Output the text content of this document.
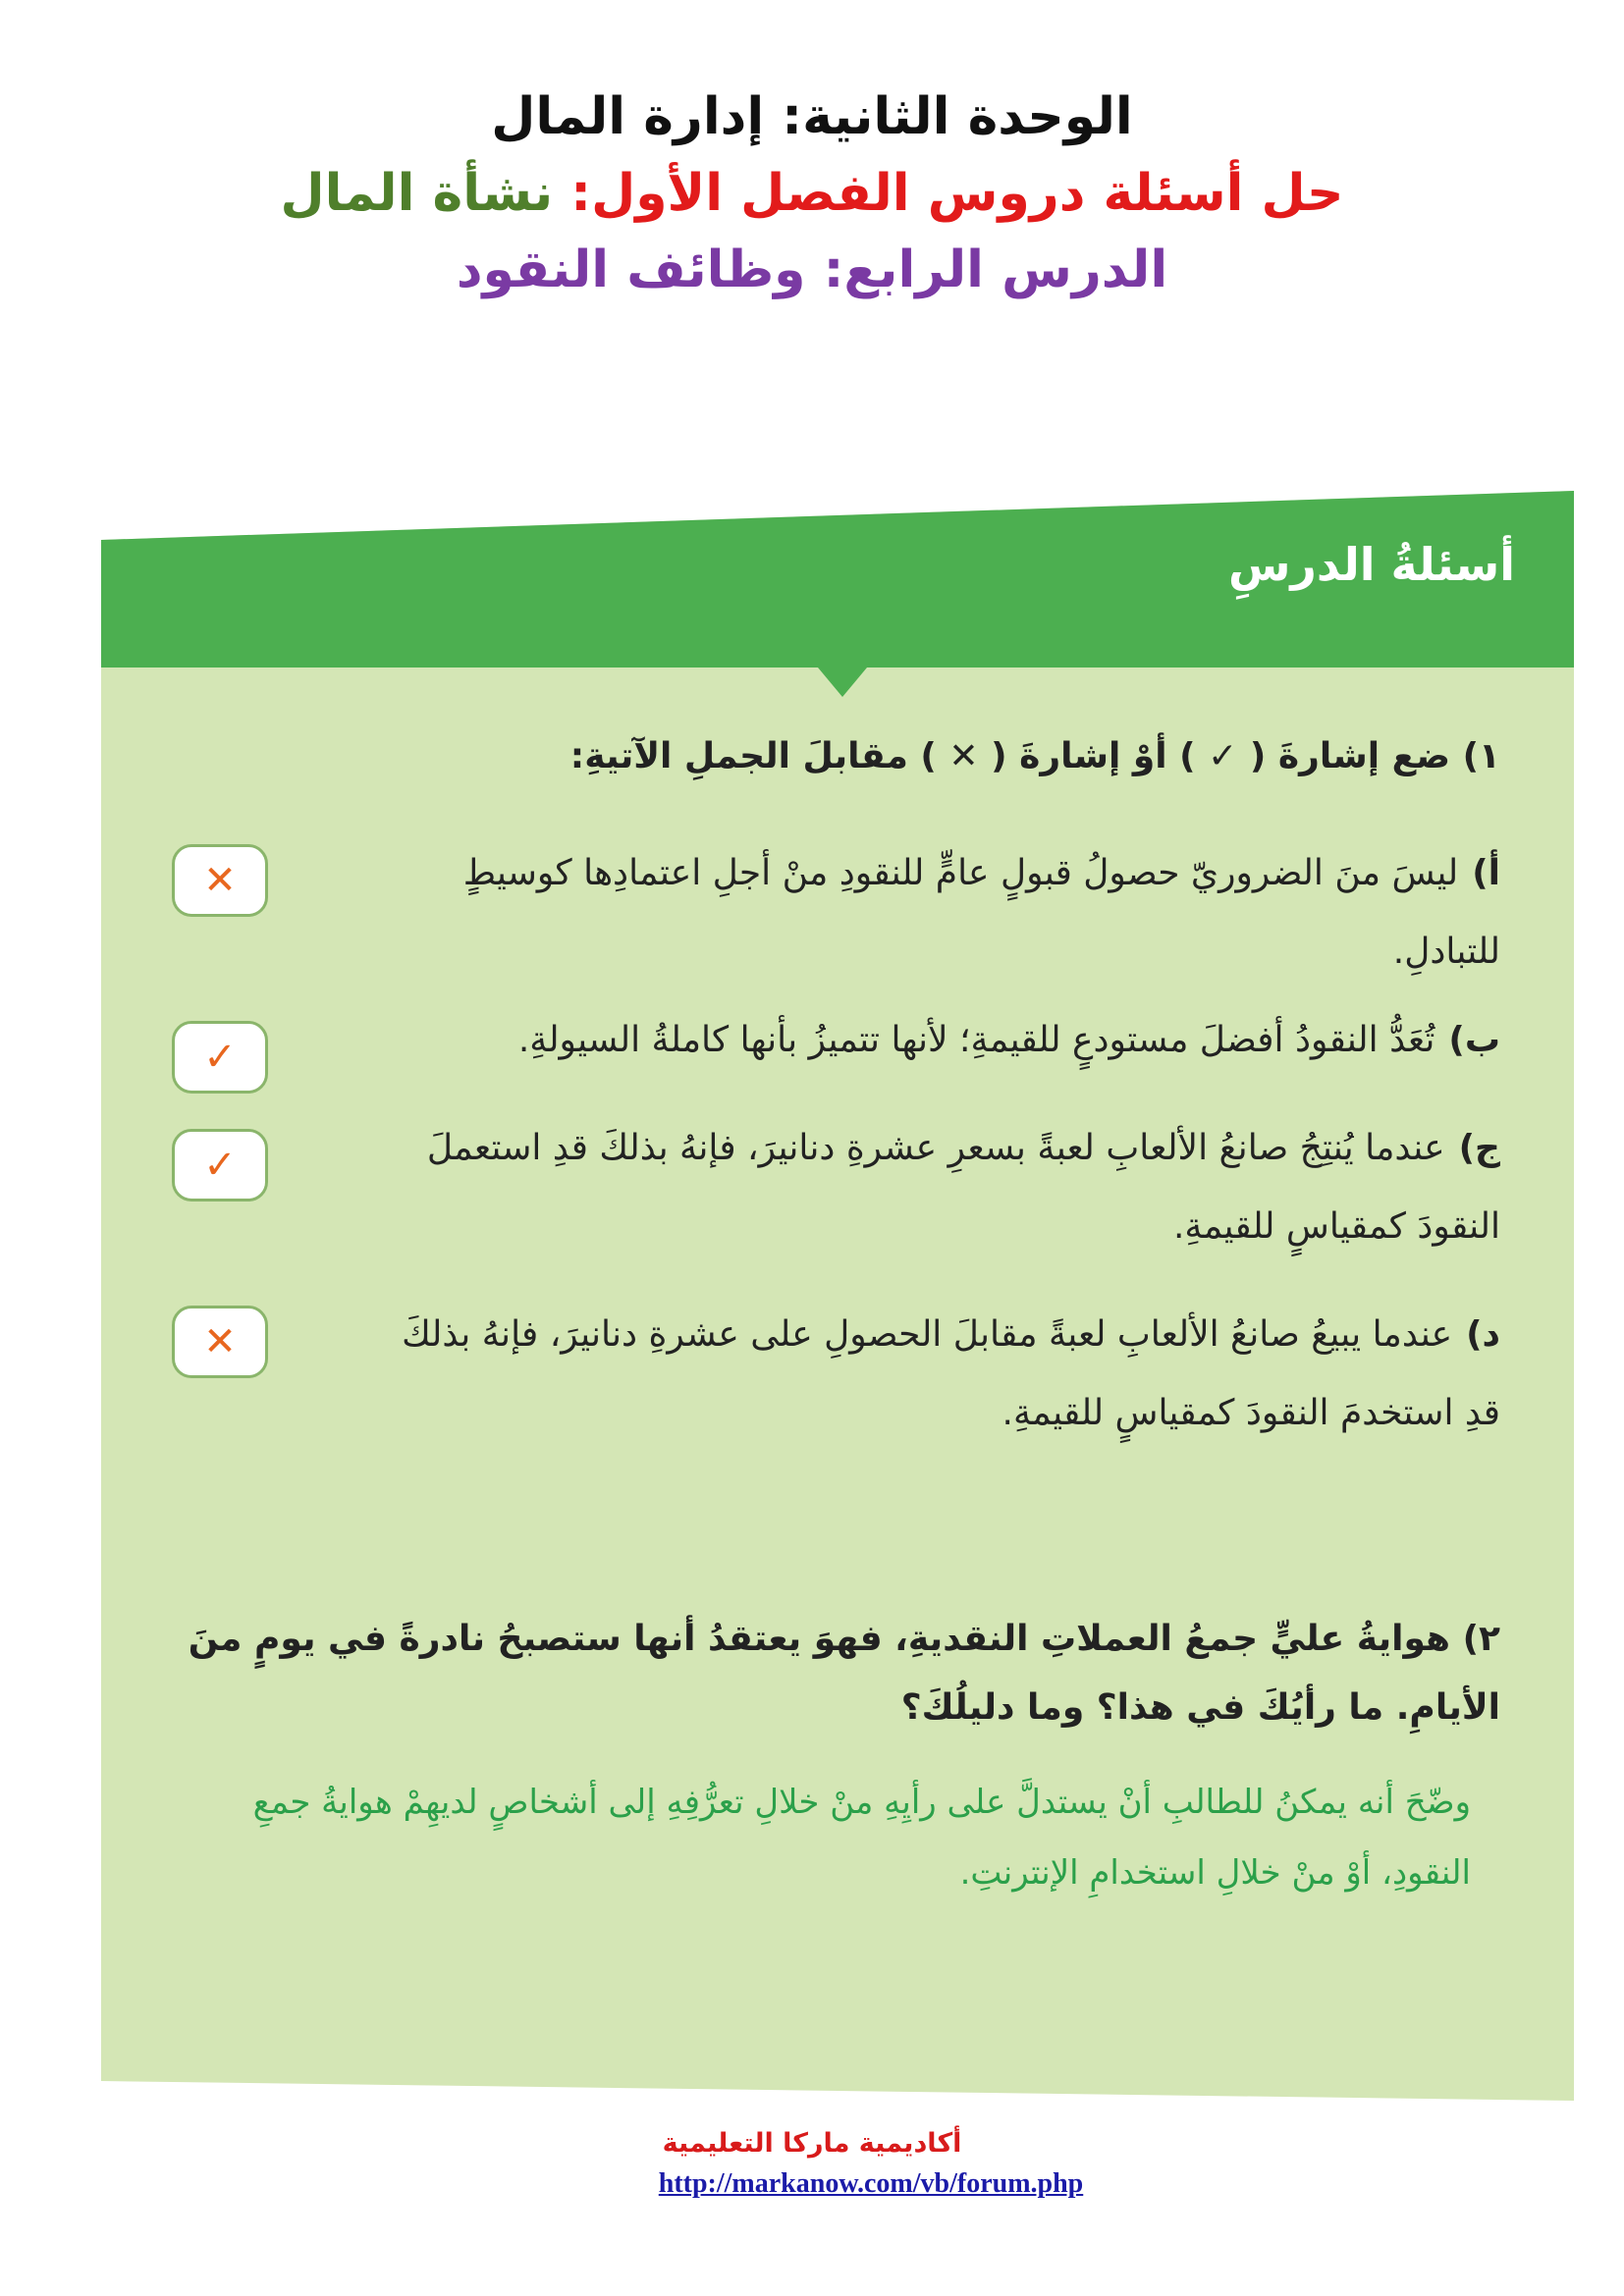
الوحدة الثانية: إدارة المال
حل أسئلة دروس الفصل الأول: نشأة المال
الدرس الرابع: وظائف النقود
أسئلةُ الدرسِ
١) ضع إشارةَ ( ✓ ) أوْ إشارةَ ( ✕ ) مقابلَ الجملِ الآتيةِ:
أ)ليسَ منَ الضروريّ حصولُ قبولٍ عامٍّ للنقودِ منْ أجلِ اعتمادِها كوسيطٍ للتبادلِ.
✕
ب)تُعَدُّ النقودُ أفضلَ مستودعٍ للقيمةِ؛ لأنها تتميزُ بأنها كاملةُ السيولةِ.
✓
ج)عندما يُنتِجُ صانعُ الألعابِ لعبةً بسعرِ عشرةِ دنانيرَ، فإنهُ بذلكَ قدِ استعملَ النقودَ كمقياسٍ للقيمةِ.
✓
د)عندما يبيعُ صانعُ الألعابِ لعبةً مقابلَ الحصولِ على عشرةِ دنانيرَ، فإنهُ بذلكَ قدِ استخدمَ النقودَ كمقياسٍ للقيمةِ.
✕
٢) هوايةُ عليٍّ جمعُ العملاتِ النقديةِ، فهوَ يعتقدُ أنها ستصبحُ نادرةً في يومٍ منَ الأيامِ. ما رأيُكَ في هذا؟ وما دليلُكَ؟
وضّحَ أنه يمكنُ للطالبِ أنْ يستدلَّ على رأيِهِ منْ خلالِ تعرُّفِهِ إلى أشخاصٍ لديهِمْ هوايةُ جمعِ النقودِ، أوْ منْ خلالِ استخدامِ الإنترنتِ.
أكاديمية ماركا التعليمية
http://markanow.com/vb/forum.php
